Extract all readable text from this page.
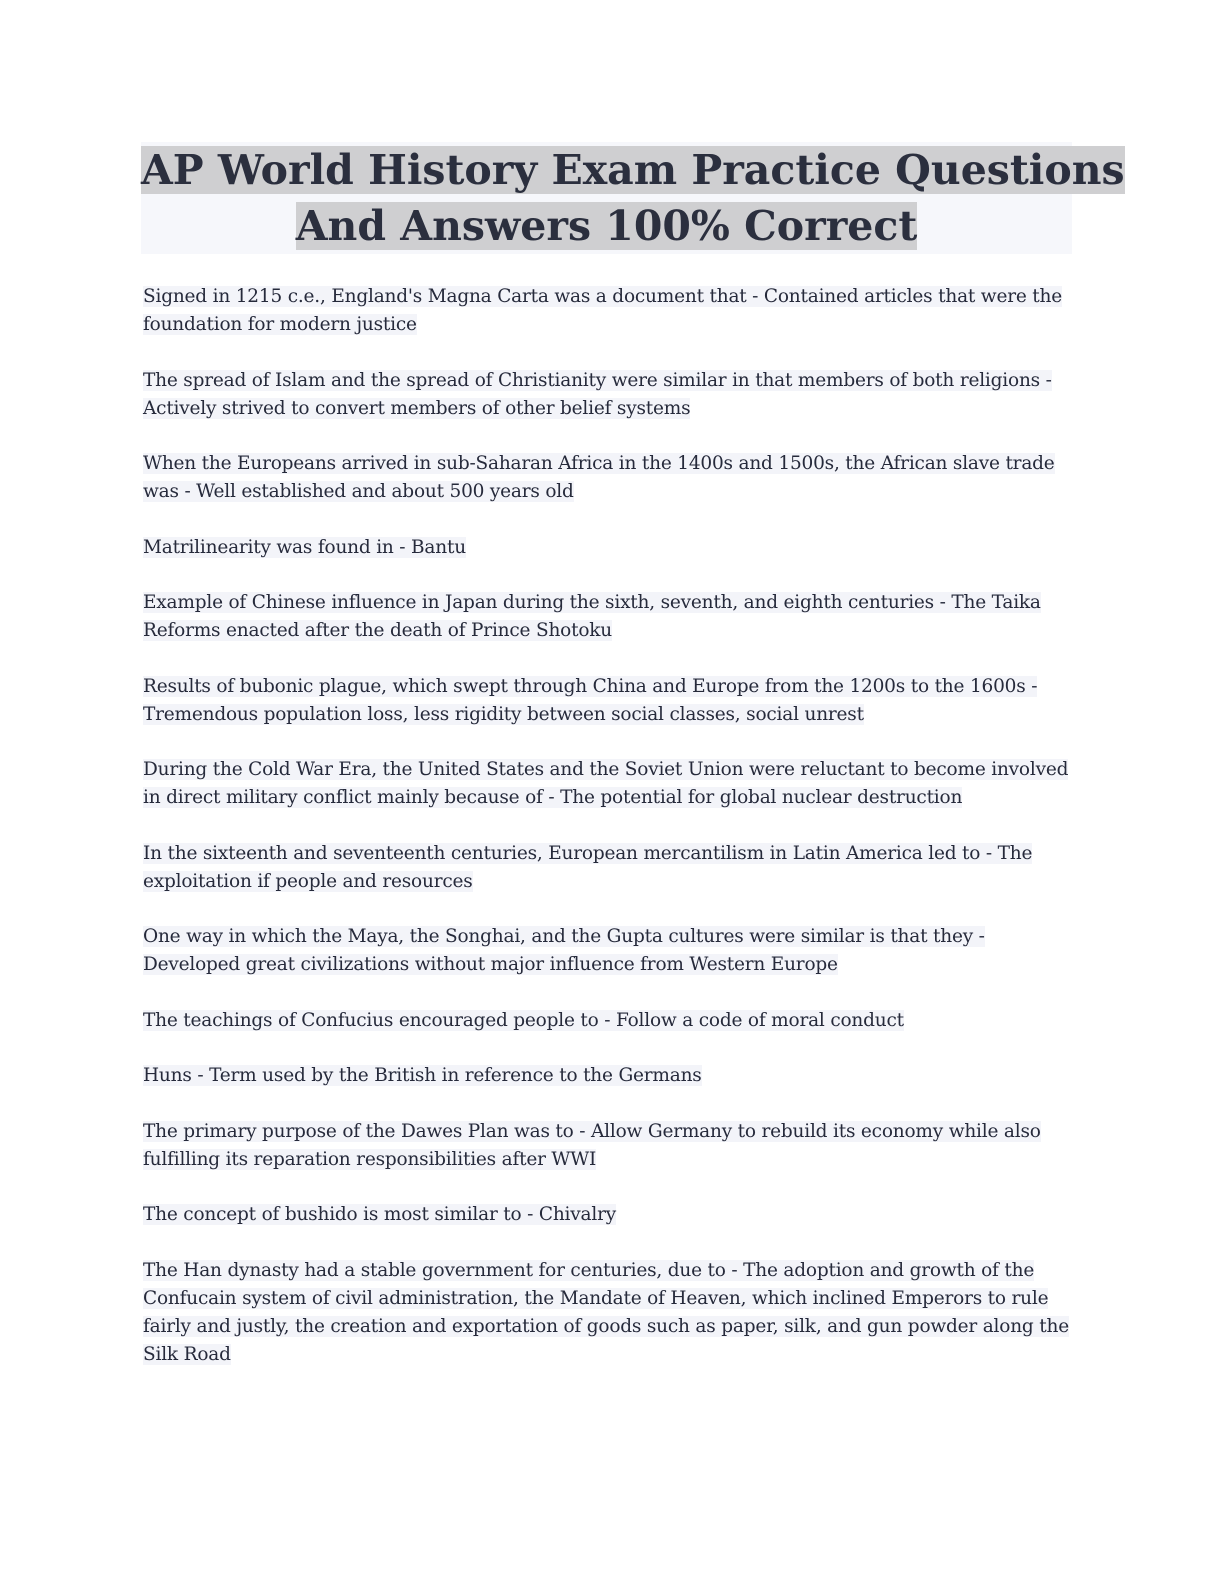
AP World History Exam Practice Questions
And Answers 100% Correct

Signed in 1215 c.e., England's Magna Carta was a document that - Contained articles that were the foundation for modern justice

The spread of Islam and the spread of Christianity were similar in that members of both religions - Actively strived to convert members of other belief systems

When the Europeans arrived in sub-Saharan Africa in the 1400s and 1500s, the African slave trade was - Well established and about 500 years old

Matrilinearity was found in - Bantu

Example of Chinese influence in Japan during the sixth, seventh, and eighth centuries - The Taika Reforms enacted after the death of Prince Shotoku

Results of bubonic plague, which swept through China and Europe from the 1200s to the 1600s - Tremendous population loss, less rigidity between social classes, social unrest

During the Cold War Era, the United States and the Soviet Union were reluctant to become involved in direct military conflict mainly because of - The potential for global nuclear destruction

In the sixteenth and seventeenth centuries, European mercantilism in Latin America led to - The exploitation if people and resources

One way in which the Maya, the Songhai, and the Gupta cultures were similar is that they - Developed great civilizations without major influence from Western Europe

The teachings of Confucius encouraged people to - Follow a code of moral conduct

Huns - Term used by the British in reference to the Germans

The primary purpose of the Dawes Plan was to - Allow Germany to rebuild its economy while also fulfilling its reparation responsibilities after WWI

The concept of bushido is most similar to - Chivalry

The Han dynasty had a stable government for centuries, due to - The adoption and growth of the Confucain system of civil administration, the Mandate of Heaven, which inclined Emperors to rule fairly and justly, the creation and exportation of goods such as paper, silk, and gun powder along the Silk Road
